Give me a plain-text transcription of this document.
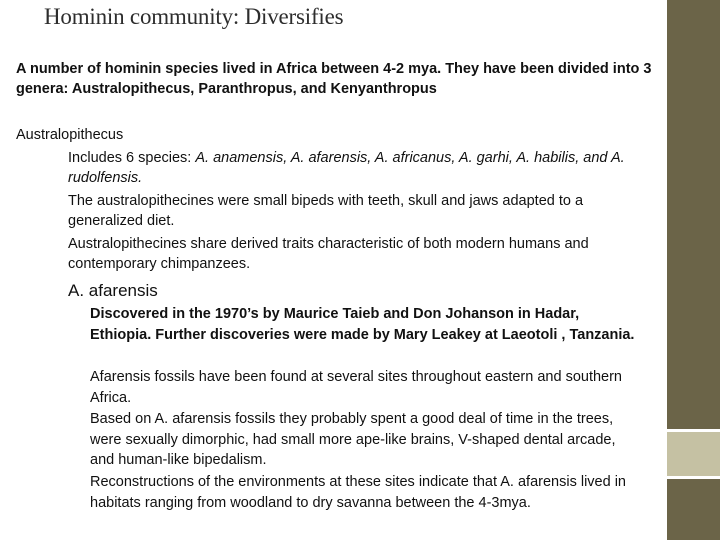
Hominin community: Diversifies
A number of hominin species lived in Africa between 4-2 mya. They have been divided into 3 genera: Australopithecus, Paranthropus, and Kenyanthropus
Australopithecus
Includes 6 species: A. anamensis, A. afarensis, A. africanus, A. garhi, A. habilis, and A. rudolfensis.
The australopithecines were small bipeds with teeth, skull and jaws adapted to a generalized diet.
Australopithecines share derived traits characteristic of both modern humans and contemporary chimpanzees.
A. afarensis
Discovered in the 1970’s by Maurice Taieb and Don Johanson in Hadar, Ethiopia. Further discoveries were made by Mary Leakey at Laeotoli , Tanzania.
Afarensis fossils have been found at several sites throughout eastern and southern Africa.
Based on A. afarensis fossils they probably spent a good deal of time in the trees, were sexually dimorphic, had small more ape-like brains, V-shaped dental arcade, and human-like bipedalism.
Reconstructions of the environments at these sites indicate that A. afarensis lived in habitats ranging from woodland to dry savanna between the 4-3mya.
